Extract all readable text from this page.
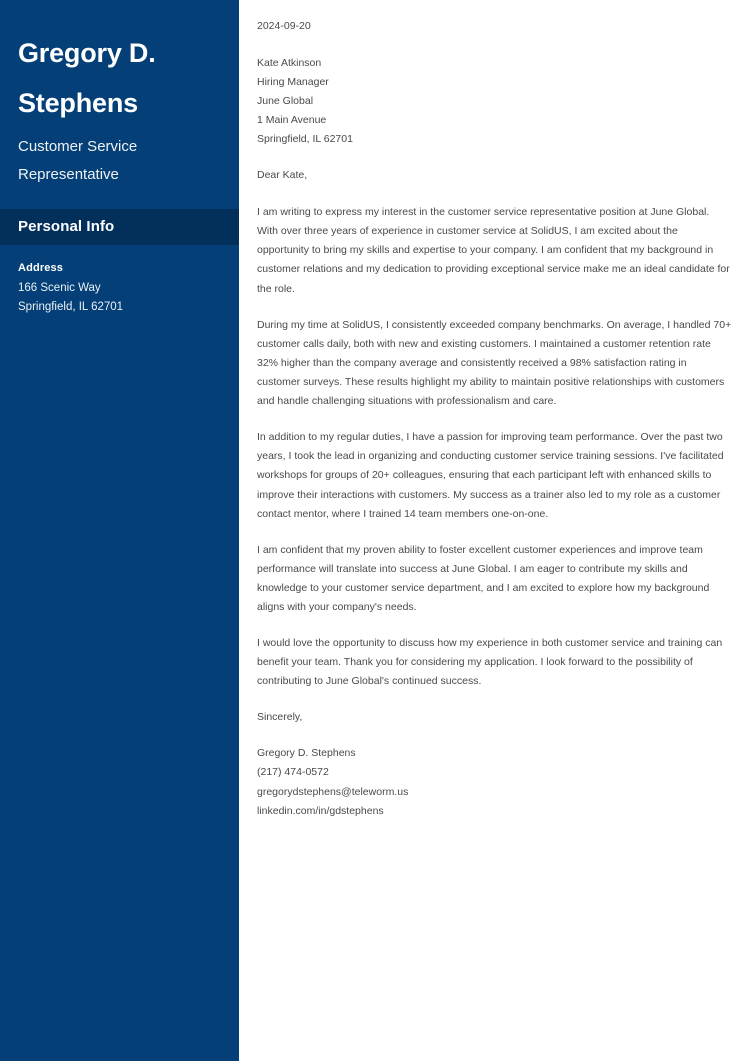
Gregory D. Stephens
Customer Service Representative
Personal Info
Address
166 Scenic Way
Springfield, IL 62701
2024-09-20
Kate Atkinson
Hiring Manager
June Global
1 Main Avenue
Springfield, IL 62701
Dear Kate,

I am writing to express my interest in the customer service representative position at June Global. With over three years of experience in customer service at SolidUS, I am excited about the opportunity to bring my skills and expertise to your company. I am confident that my background in customer relations and my dedication to providing exceptional service make me an ideal candidate for the role.

During my time at SolidUS, I consistently exceeded company benchmarks. On average, I handled 70+ customer calls daily, both with new and existing customers. I maintained a customer retention rate 32% higher than the company average and consistently received a 98% satisfaction rating in customer surveys. These results highlight my ability to maintain positive relationships with customers and handle challenging situations with professionalism and care.

In addition to my regular duties, I have a passion for improving team performance. Over the past two years, I took the lead in organizing and conducting customer service training sessions. I've facilitated workshops for groups of 20+ colleagues, ensuring that each participant left with enhanced skills to improve their interactions with customers. My success as a trainer also led to my role as a customer contact mentor, where I trained 14 team members one-on-one.

I am confident that my proven ability to foster excellent customer experiences and improve team performance will translate into success at June Global. I am eager to contribute my skills and knowledge to your customer service department, and I am excited to explore how my background aligns with your company's needs.

I would love the opportunity to discuss how my experience in both customer service and training can benefit your team. Thank you for considering my application. I look forward to the possibility of contributing to June Global's continued success.

Sincerely,
Gregory D. Stephens
(217) 474-0572
gregorydstephens@teleworm.us
linkedin.com/in/gdstephens
